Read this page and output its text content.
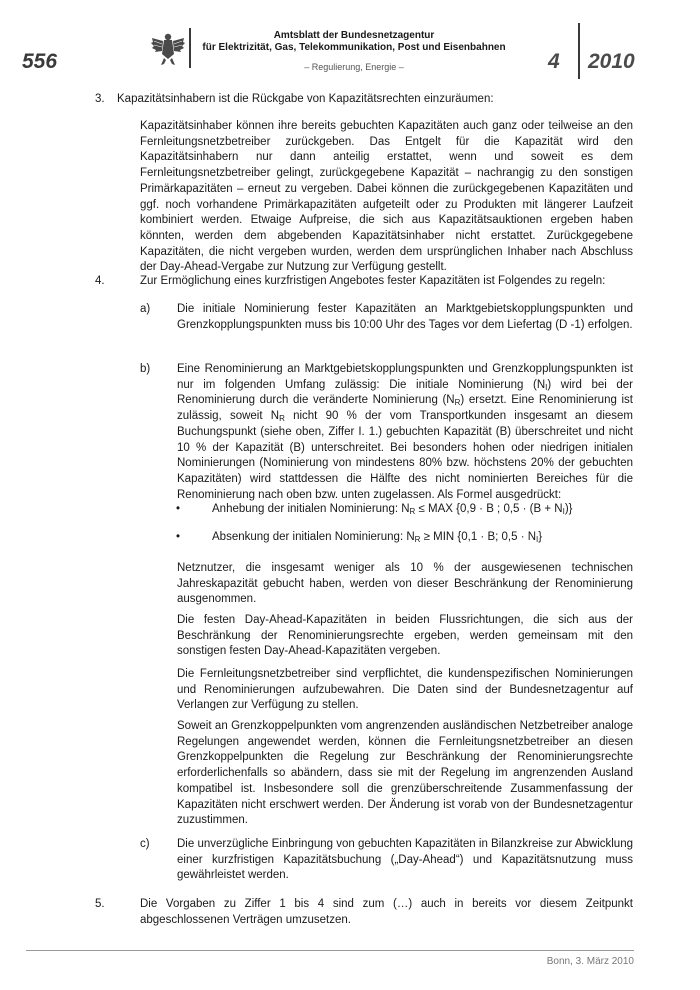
556
Amtsblatt der Bundesnetzagentur
für Elektrizität, Gas, Telekommunikation, Post und Eisenbahnen
– Regulierung, Energie –	4 2010
3. Kapazitätsinhabern ist die Rückgabe von Kapazitätsrechten einzuräumen:
Kapazitätsinhaber können ihre bereits gebuchten Kapazitäten auch ganz oder teilweise an den Fernleitungsnetzbetreiber zurückgeben. Das Entgelt für die Kapazität wird den Kapazitätsinhabern nur dann anteilig erstattet, wenn und soweit es dem Fernleitungsnetzbetreiber gelingt, zurückgegebene Kapazität – nachrangig zu den sonstigen Primärkapazitäten – erneut zu vergeben. Dabei können die zurückgegebenen Kapazitäten und ggf. noch vorhandene Primärkapazitäten aufgeteilt oder zu Produkten mit längerer Laufzeit kombiniert werden. Etwaige Aufpreise, die sich aus Kapazitätsauktionen ergeben haben könnten, werden dem abgebenden Kapazitätsinhaber nicht erstattet. Zurückgegebene Kapazitäten, die nicht vergeben wurden, werden dem ursprünglichen Inhaber nach Abschluss der Day-Ahead-Vergabe zur Nutzung zur Verfügung gestellt.
4.	Zur Ermöglichung eines kurzfristigen Angebotes fester Kapazitäten ist Folgendes zu regeln:
a) Die initiale Nominierung fester Kapazitäten an Marktgebietskopplungspunkten und Grenzkopplungspunkten muss bis 10:00 Uhr des Tages vor dem Liefertag (D -1) erfolgen.
b) Eine Renominierung an Marktgebietskopplungspunkten und Grenzkopplungspunkten ist nur im folgenden Umfang zulässig: Die initiale Nominierung $(N_I)$ wird bei der Renominierung durch die veränderte Nominierung $(N_R)$ ersetzt. Eine Renominierung ist zulässig, soweit $N_R$ nicht 90 % der vom Transportkunden insgesamt an diesem Buchungspunkt (siehe oben, Ziffer I. 1.) gebuchten Kapazität (B) überschreitet und nicht 10 % der Kapazität (B) unterschreitet. Bei besonders hohen oder niedrigen initialen Nominierungen (Nominierung von mindestens 80% bzw. höchstens 20% der gebuchten Kapazitäten) wird stattdessen die Hälfte des nicht nominierten Bereiches für die Renominierung nach oben bzw. unten zugelassen. Als Formel ausgedrückt:
•	Anhebung der initialen Nominierung: $N_R$ ≤ MAX {0,9 · B ; $0,5 \cdot (B + N_I)$}
•	Absenkung der initialen Nominierung: $N_R$ ≥ MIN {0,1 · B; $0,5 \cdot N_I$}
Netznutzer, die insgesamt weniger als 10 % der ausgewiesenen technischen Jahreskapazität gebucht haben, werden von dieser Beschränkung der Renominierung ausgenommen.
Die festen Day-Ahead-Kapazitäten in beiden Flussrichtungen, die sich aus der Beschränkung der Renominierungsrechte ergeben, werden gemeinsam mit den sonstigen festen Day-Ahead-Kapazitäten vergeben.
Die Fernleitungsnetzbetreiber sind verpflichtet, die kundenspezifischen Nominierungen und Renominierungen aufzubewahren. Die Daten sind der Bundesnetzagentur auf Verlangen zur Verfügung zu stellen.
Soweit an Grenzkoppelpunkten vom angrenzenden ausländischen Netzbetreiber analoge Regelungen angewendet werden, können die Fernleitungsnetzbetreiber an diesen Grenzkoppelpunkten die Regelung zur Beschränkung der Renominierungsrechte erforderlichenfalls so abändern, dass sie mit der Regelung im angrenzenden Ausland kompatibel ist. Insbesondere soll die grenzüberschreitende Zusammenfassung der Kapazitäten nicht erschwert werden. Der Änderung ist vorab von der Bundesnetzagentur zuzustimmen.
c) Die unverzügliche Einbringung von gebuchten Kapazitäten in Bilanzkreise zur Abwicklung einer kurzfristigen Kapazitätsbuchung („Day-Ahead“) und Kapazitätsnutzung muss gewährleistet werden.
5.	Die Vorgaben zu Ziffer 1 bis 4 sind zum (…) auch in bereits vor diesem Zeitpunkt abgeschlossenen Verträgen umzusetzen.
Bonn, 3. März 2010
